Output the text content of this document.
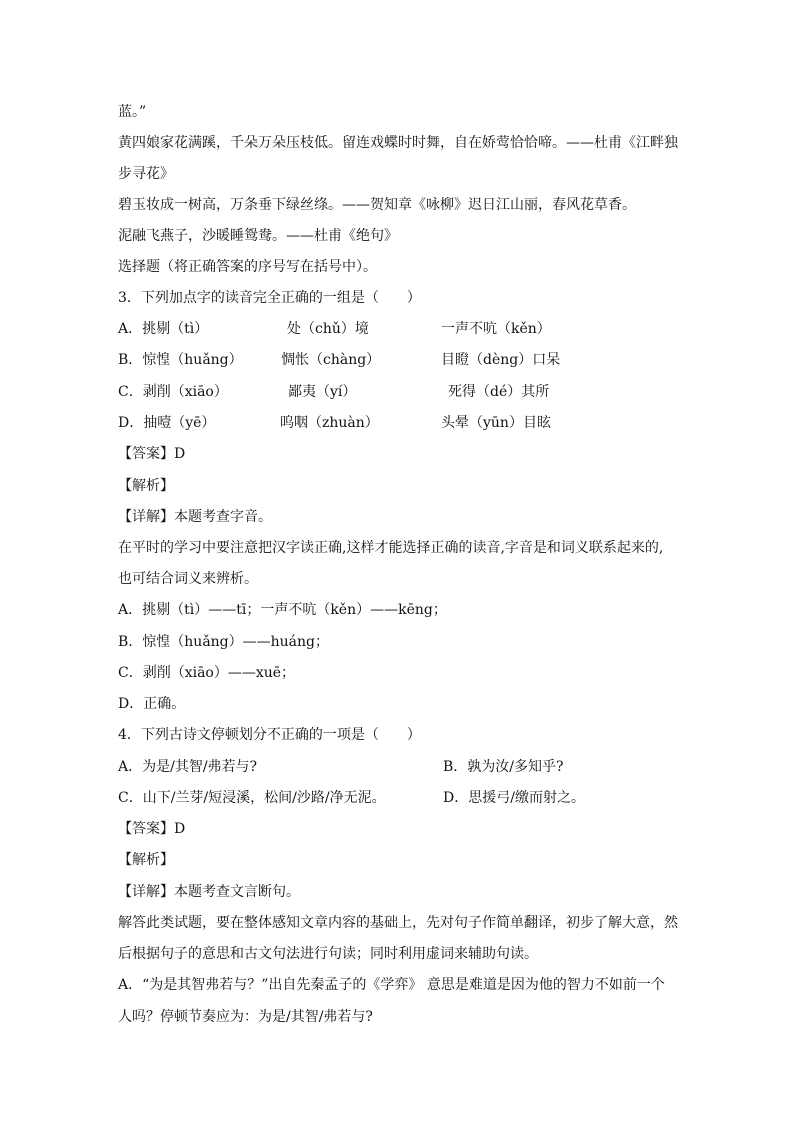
蓝。”
黄四娘家花满蹊，千朵万朵压枝低。留连戏蝶时时舞，自在娇莺恰恰啼。——杜甫《江畔独
步寻花》
碧玉妆成一树高，万条垂下绿丝绦。——贺知章《咏柳》迟日江山丽，春风花草香。
泥融飞燕子，沙暖睡鸳鸯。——杜甫《绝句》
选择题（将正确答案的序号写在括号中）。
3．下列加点字的读音完全正确的一组是（　　）
A．挑剔（tì）	处（chǔ）境	一声不吭（kěn）
B．惊惶（huǎng）	惆怅（chàng）	目瞪（dèng）口呆
C．剥削（xiāo）	鄙夷（yí）	死得（dé）其所
D．抽噎（yē）	呜咽（zhuàn）	头晕（yūn）目眩
【答案】D
【解析】
【详解】本题考查字音。
在平时的学习中要注意把汉字读正确,这样才能选择正确的读音,字音是和词义联系起来的,
也可结合词义来辨析。
A．挑剔（tì）——tī；一声不吭（kěn）——kēng；
B．惊惶（huǎng）——huáng；
C．剥削（xiāo）——xuē；
D．正确。
4．下列古诗文停顿划分不正确的一项是（　　）
A．为是/其智/弗若与?	B．孰为汝/多知乎?
C．山下/兰芽/短浸溪，松间/沙路/净无泥。	D．思援弓/缴而射之。
【答案】D
【解析】
【详解】本题考查文言断句。
解答此类试题，要在整体感知文章内容的基础上，先对句子作简单翻译，初步了解大意，然
后根据句子的意思和古文句法进行句读；同时利用虚词来辅助句读。
A．“为是其智弗若与？”出自先秦孟子的《学弈》 意思是难道是因为他的智力不如前一个
人吗？停顿节奏应为：为是/其智/弗若与?
